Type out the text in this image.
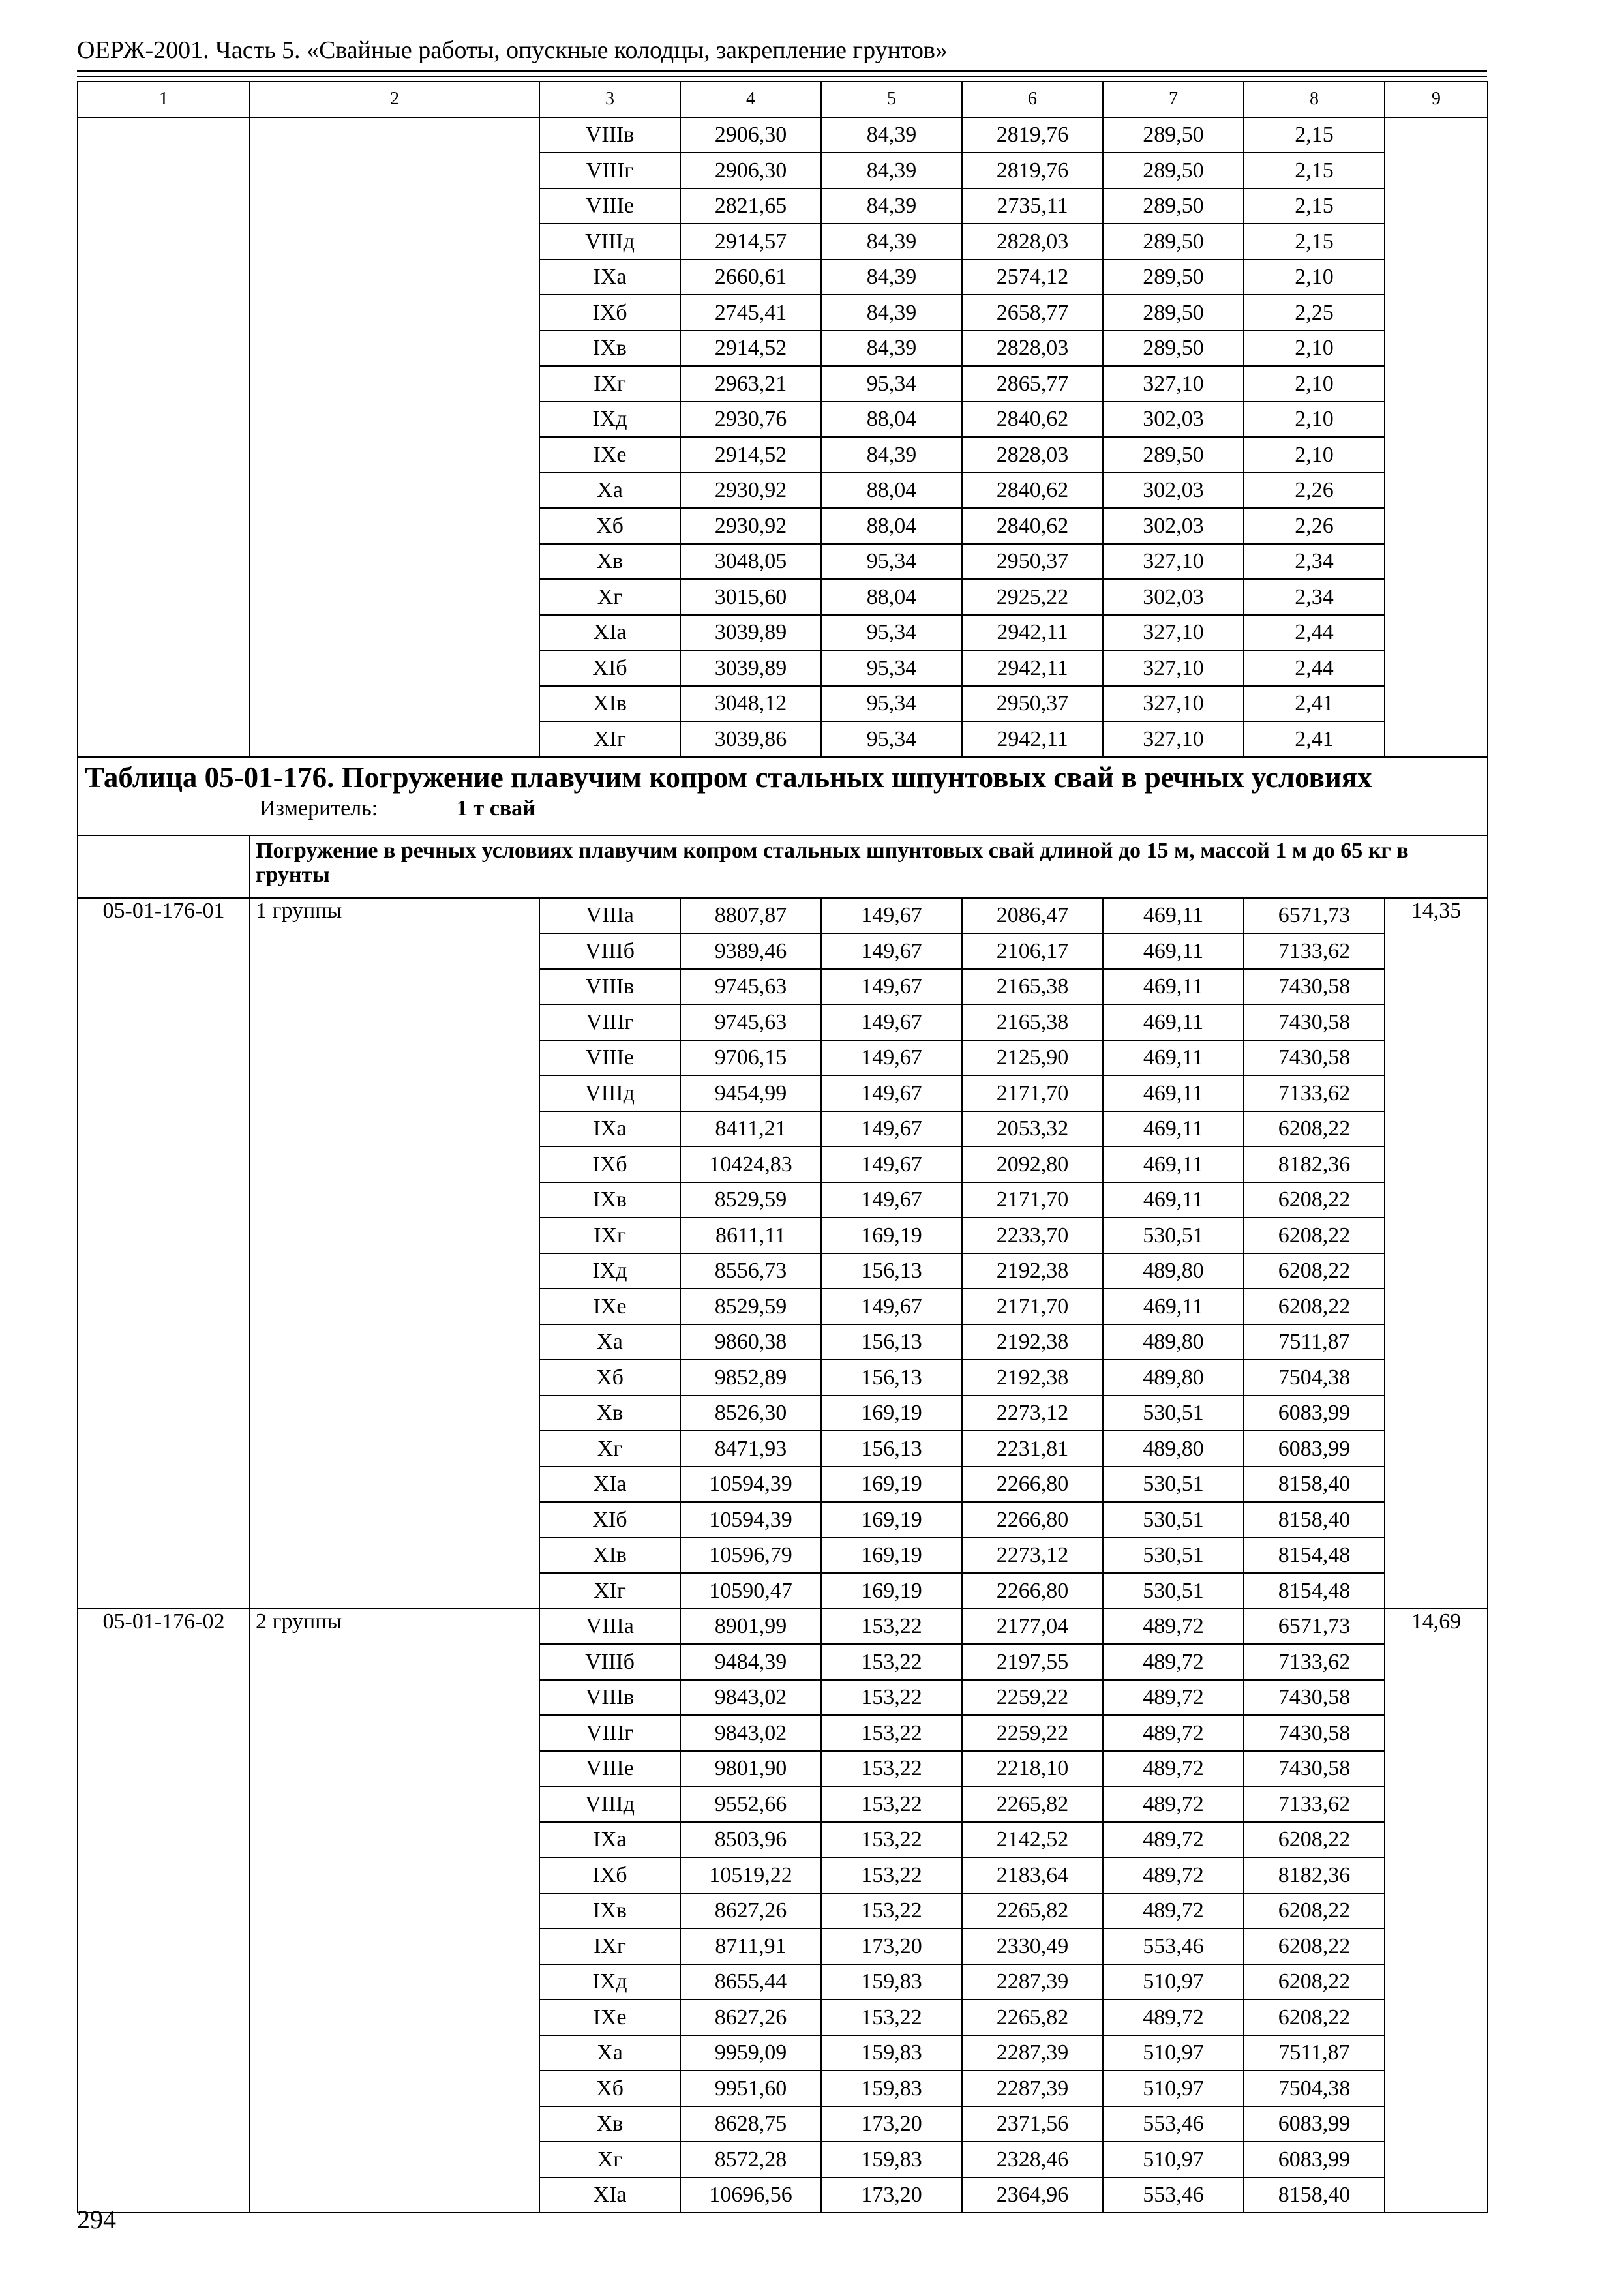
ОЕРЖ-2001. Часть 5. «Свайные работы, опускные колодцы, закрепление грунтов»
1	2	3	4	5	6	7	8	9
		VIIIв	2906,30	84,39	2819,76	289,50	2,15	
		VIIIг	2906,30	84,39	2819,76	289,50	2,15	
		VIIIе	2821,65	84,39	2735,11	289,50	2,15	
		VIIIд	2914,57	84,39	2828,03	289,50	2,15	
		IXа	2660,61	84,39	2574,12	289,50	2,10	
		IXб	2745,41	84,39	2658,77	289,50	2,25	
		IXв	2914,52	84,39	2828,03	289,50	2,10	
		IXг	2963,21	95,34	2865,77	327,10	2,10	
		IXд	2930,76	88,04	2840,62	302,03	2,10	
		IXе	2914,52	84,39	2828,03	289,50	2,10	
		Xа	2930,92	88,04	2840,62	302,03	2,26	
		Xб	2930,92	88,04	2840,62	302,03	2,26	
		Xв	3048,05	95,34	2950,37	327,10	2,34	
		Xг	3015,60	88,04	2925,22	302,03	2,34	
		XIа	3039,89	95,34	2942,11	327,10	2,44	
		XIб	3039,89	95,34	2942,11	327,10	2,44	
		XIв	3048,12	95,34	2950,37	327,10	2,41	
		XIг	3039,86	95,34	2942,11	327,10	2,41	
Таблица 05-01-176. Погружение плавучим копром стальных шпунтовых свай в речных условиях
Измеритель: 1 т свай								

	Погружение в речных условиях плавучим копром стальных шпунтовых свай длиной до 15 м, массой 1 м до 65 кг в грунты							
05-01-176-01	1 группы	VIIIа	8807,87	149,67	2086,47	469,11	6571,73	14,35
		VIIIб	9389,46	149,67	2106,17	469,11	7133,62	
		VIIIв	9745,63	149,67	2165,38	469,11	7430,58	
		VIIIг	9745,63	149,67	2165,38	469,11	7430,58	
		VIIIе	9706,15	149,67	2125,90	469,11	7430,58	
		VIIIд	9454,99	149,67	2171,70	469,11	7133,62	
		IXа	8411,21	149,67	2053,32	469,11	6208,22	
		IXб	10424,83	149,67	2092,80	469,11	8182,36	
		IXв	8529,59	149,67	2171,70	469,11	6208,22	
		IXг	8611,11	169,19	2233,70	530,51	6208,22	
		IXд	8556,73	156,13	2192,38	489,80	6208,22	
		IXе	8529,59	149,67	2171,70	469,11	6208,22	
		Xа	9860,38	156,13	2192,38	489,80	7511,87	
		Xб	9852,89	156,13	2192,38	489,80	7504,38	
		Xв	8526,30	169,19	2273,12	530,51	6083,99	
		Xг	8471,93	156,13	2231,81	489,80	6083,99	
		XIа	10594,39	169,19	2266,80	530,51	8158,40	
		XIб	10594,39	169,19	2266,80	530,51	8158,40	
		XIв	10596,79	169,19	2273,12	530,51	8154,48	
		XIг	10590,47	169,19	2266,80	530,51	8154,48	
05-01-176-02	2 группы	VIIIа	8901,99	153,22	2177,04	489,72	6571,73	14,69
		VIIIб	9484,39	153,22	2197,55	489,72	7133,62	
		VIIIв	9843,02	153,22	2259,22	489,72	7430,58	
		VIIIг	9843,02	153,22	2259,22	489,72	7430,58	
		VIIIе	9801,90	153,22	2218,10	489,72	7430,58	
		VIIIд	9552,66	153,22	2265,82	489,72	7133,62	
		IXа	8503,96	153,22	2142,52	489,72	6208,22	
		IXб	10519,22	153,22	2183,64	489,72	8182,36	
		IXв	8627,26	153,22	2265,82	489,72	6208,22	
		IXг	8711,91	173,20	2330,49	553,46	6208,22	
		IXд	8655,44	159,83	2287,39	510,97	6208,22	
		IXе	8627,26	153,22	2265,82	489,72	6208,22	
		Xа	9959,09	159,83	2287,39	510,97	7511,87	
		Xб	9951,60	159,83	2287,39	510,97	7504,38	
		Xв	8628,75	173,20	2371,56	553,46	6083,99	
		Xг	8572,28	159,83	2328,46	510,97	6083,99	
		XIа	10696,56	173,20	2364,96	553,46	8158,40	
294
